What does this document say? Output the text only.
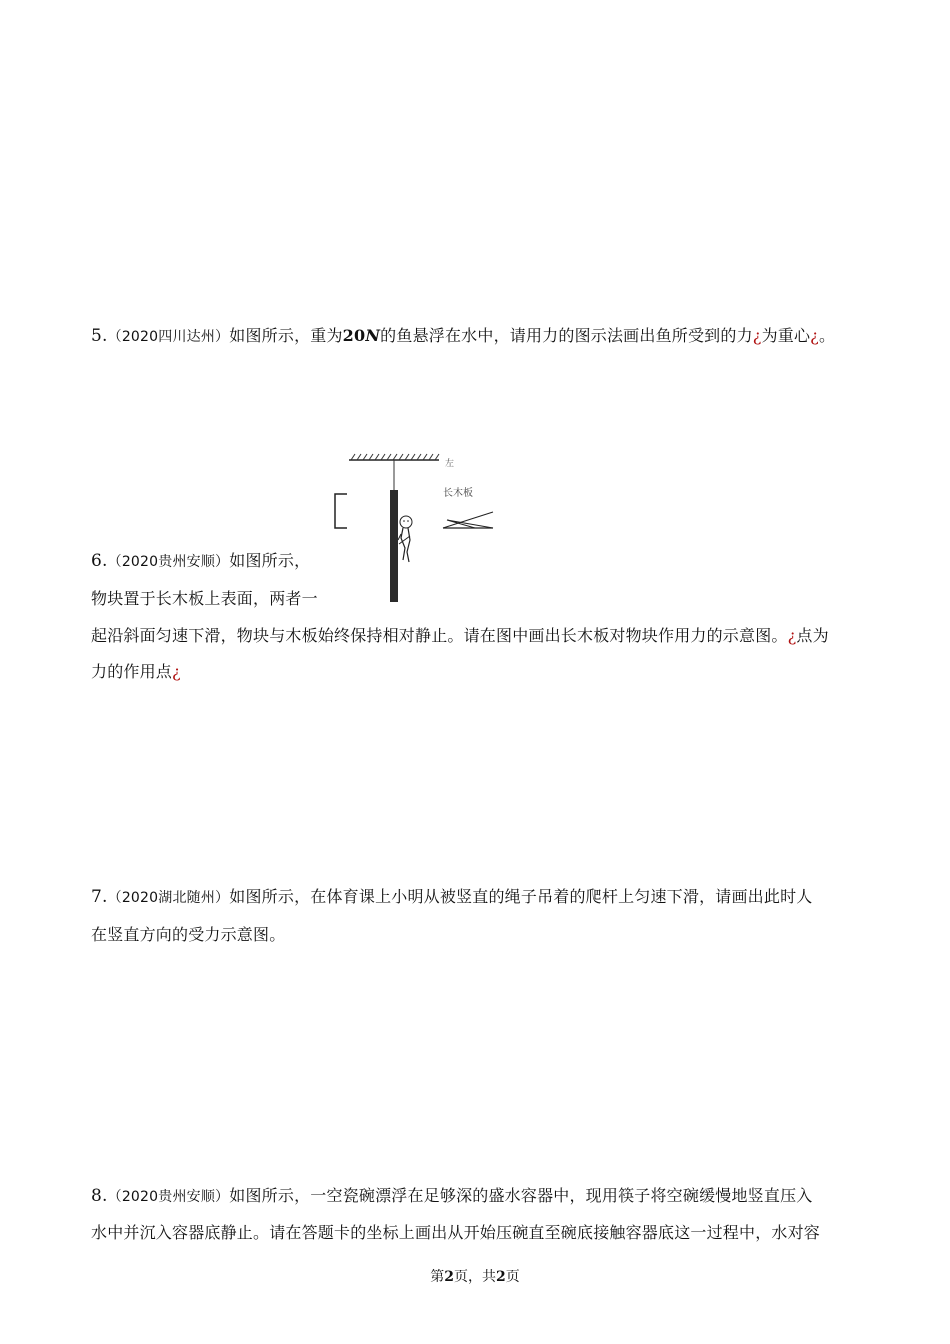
5.（2020四川达州）如图所示，重为20N的鱼悬浮在水中，请用力的图示法画出鱼所受到的力¿为重心¿。
左
长木板
6.（2020贵州安顺）如图所示，
物块置于长木板上表面，两者一
起沿斜面匀速下滑，物块与木板始终保持相对静止。请在图中画出长木板对物块作用力的示意图。¿点为
力的作用点¿
7.（2020湖北随州）如图所示，在体育课上小明从被竖直的绳子吊着的爬杆上匀速下滑，请画出此时人
在竖直方向的受力示意图。
8.（2020贵州安顺）如图所示，一空瓷碗漂浮在足够深的盛水容器中，现用筷子将空碗缓慢地竖直压入
水中并沉入容器底静止。请在答题卡的坐标上画出从开始压碗直至碗底接触容器底这一过程中，水对容
第2页，共2页
